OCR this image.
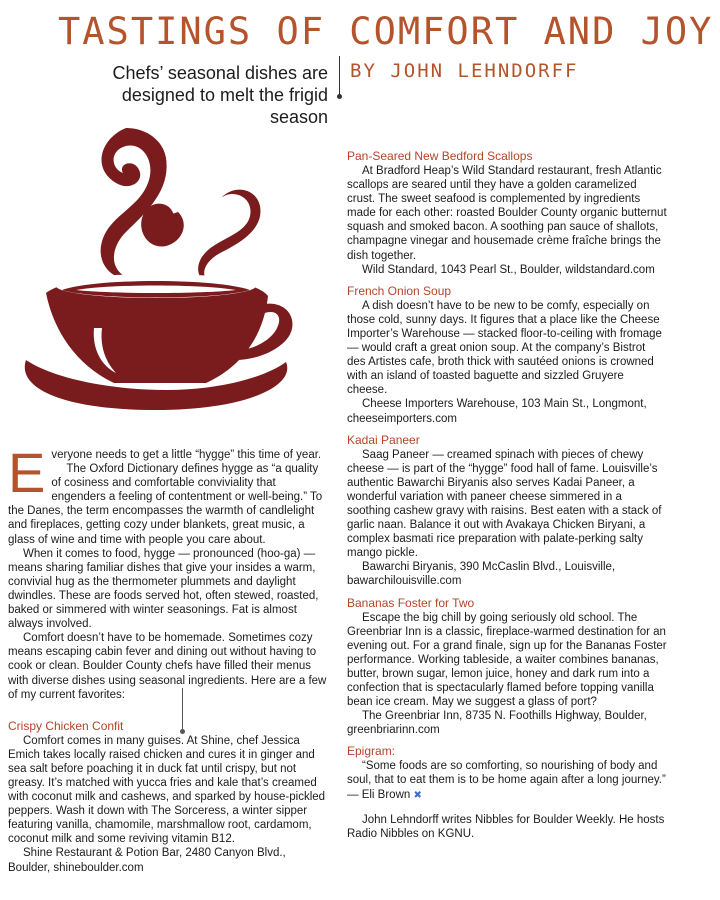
TASTINGS OF COMFORT AND JOY
Chefs’ seasonal dishes are designed to melt the frigid season
BY JOHN LEHNDORFF

Everyone needs to get a little “hygge” this time of year.

The Oxford Dictionary defines hygge as “a quality of cosiness and comfortable conviviality that engenders a feeling of contentment or well-being.” To the Danes, the term encompasses the warmth of candlelight and fireplaces, getting cozy under blankets, great music, a glass of wine and time with people you care about.

When it comes to food, hygge — pronounced (hoo-ga) — means sharing familiar dishes that give your insides a warm, convivial hug as the thermometer plummets and daylight dwindles. These are foods served hot, often stewed, roasted, baked or simmered with winter seasonings. Fat is almost always involved.

Comfort doesn’t have to be homemade. Sometimes cozy means escaping cabin fever and dining out without having to cook or clean. Boulder County chefs have filled their menus with diverse dishes using seasonal ingredients. Here are a few of my current favorites:

Crispy Chicken Confit

Comfort comes in many guises. At Shine, chef Jessica Emich takes locally raised chicken and cures it in ginger and sea salt before poaching it in duck fat until crispy, but not greasy. It’s matched with yucca fries and kale that’s creamed with coconut milk and cashews, and sparked by house-pickled peppers. Wash it down with The Sorceress, a winter sipper featuring vanilla, chamomile, marshmallow root, cardamom, coconut milk and some reviving vitamin B12.

Shine Restaurant & Potion Bar, 2480 Canyon Blvd., Boulder, shineboulder.com

Pan-Seared New Bedford Scallops

At Bradford Heap’s Wild Standard restaurant, fresh Atlantic scallops are seared until they have a golden caramelized crust. The sweet seafood is complemented by ingredients made for each other: roasted Boulder County organic butternut squash and smoked bacon. A soothing pan sauce of shallots, champagne vinegar and housemade crème fraîche brings the dish together.

Wild Standard, 1043 Pearl St., Boulder, wildstandard.com

French Onion Soup

A dish doesn’t have to be new to be comfy, especially on those cold, sunny days. It figures that a place like the Cheese Importer’s Warehouse — stacked floor-to-ceiling with fromage — would craft a great onion soup. At the company’s Bistrot des Artistes cafe, broth thick with sautéed onions is crowned with an island of toasted baguette and sizzled Gruyere cheese.

Cheese Importers Warehouse, 103 Main St., Longmont, cheeseimporters.com

Kadai Paneer

Saag Paneer — creamed spinach with pieces of chewy cheese — is part of the “hygge” food hall of fame. Louisville’s authentic Bawarchi Biryanis also serves Kadai Paneer, a wonderful variation with paneer cheese simmered in a soothing cashew gravy with raisins. Best eaten with a stack of garlic naan. Balance it out with Avakaya Chicken Biryani, a complex basmati rice preparation with palate-perking salty mango pickle.

Bawarchi Biryanis, 390 McCaslin Blvd., Louisville, bawarchilouisville.com

Bananas Foster for Two

Escape the big chill by going seriously old school. The Greenbriar Inn is a classic, fireplace-warmed destination for an evening out. For a grand finale, sign up for the Bananas Foster performance. Working tableside, a waiter combines bananas, butter, brown sugar, lemon juice, honey and dark rum into a confection that is spectacularly flamed before topping vanilla bean ice cream. May we suggest a glass of port?

The Greenbriar Inn, 8735 N. Foothills Highway, Boulder, greenbriarinn.com

Epigram:

“Some foods are so comforting, so nourishing of body and soul, that to eat them is to be home again after a long journey.” — Eli Brown ✖

John Lehndorff writes Nibbles for Boulder Weekly. He hosts Radio Nibbles on KGNU.
